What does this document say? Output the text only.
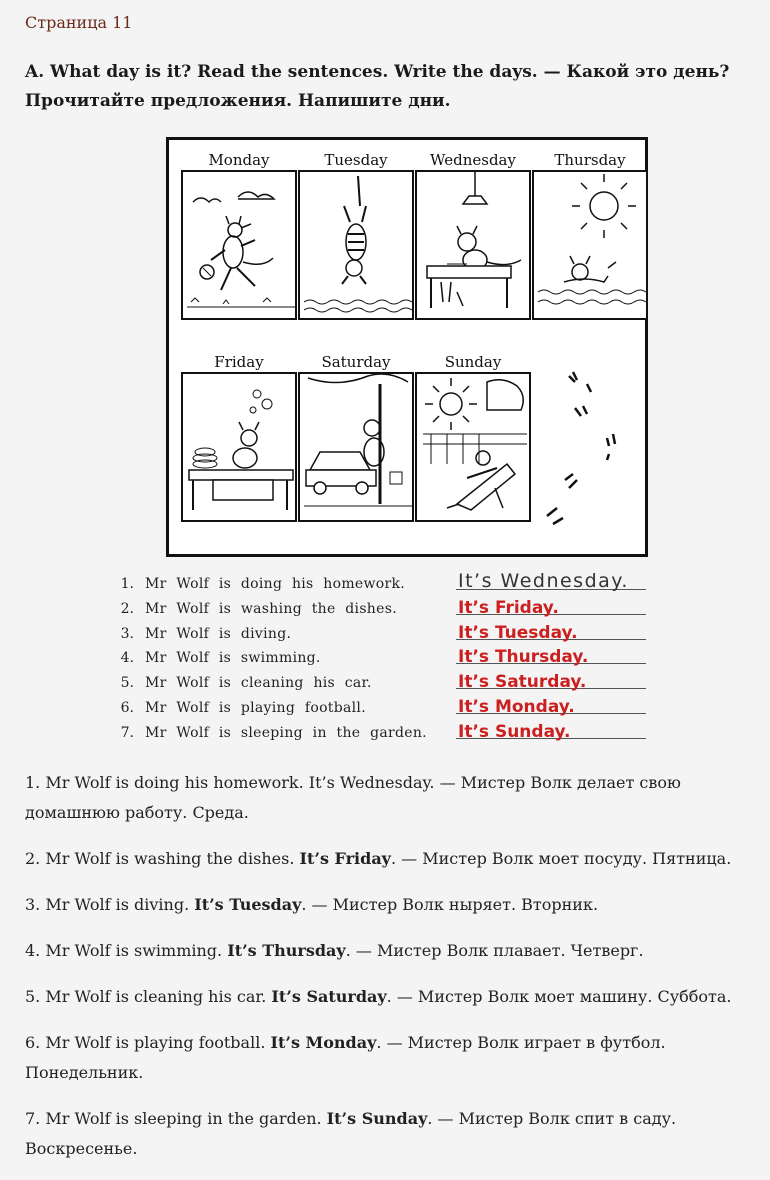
Страница 11
A. What day is it? Read the sentences. Write the days. — Какой это день? Прочитайте предложения. Напишите дни.
Monday	Tuesday	Wednesday	Thursday
Friday	Saturday	Sunday
1. Mr Wolf is doing his homework.	It’s Wednesday.
2. Mr Wolf is washing the dishes.	It’s Friday.
3. Mr Wolf is diving.	It’s Tuesday.
4. Mr Wolf is swimming.	It’s Thursday.
5. Mr Wolf is cleaning his car.	It’s Saturday.
6. Mr Wolf is playing football.	It’s Monday.
7. Mr Wolf is sleeping in the garden. It’s Sunday.

1. Mr Wolf is doing his homework. It’s Wednesday. — Мистер Волк делает свою домашнюю работу. Среда.

2. Mr Wolf is washing the dishes. It’s Friday. — Мистер Волк моет посуду. Пятница.

3. Mr Wolf is diving. It’s Tuesday. — Мистер Волк ныряет. Вторник.

4. Mr Wolf is swimming. It’s Thursday. — Мистер Волк плавает. Четверг.

5. Mr Wolf is cleaning his car. It’s Saturday. — Мистер Волк моет машину. Суббота.

6. Mr Wolf is playing football. It’s Monday. — Мистер Волк играет в футбол. Понедельник.

7. Mr Wolf is sleeping in the garden. It’s Sunday. — Мистер Волк спит в саду. Воскресенье.
